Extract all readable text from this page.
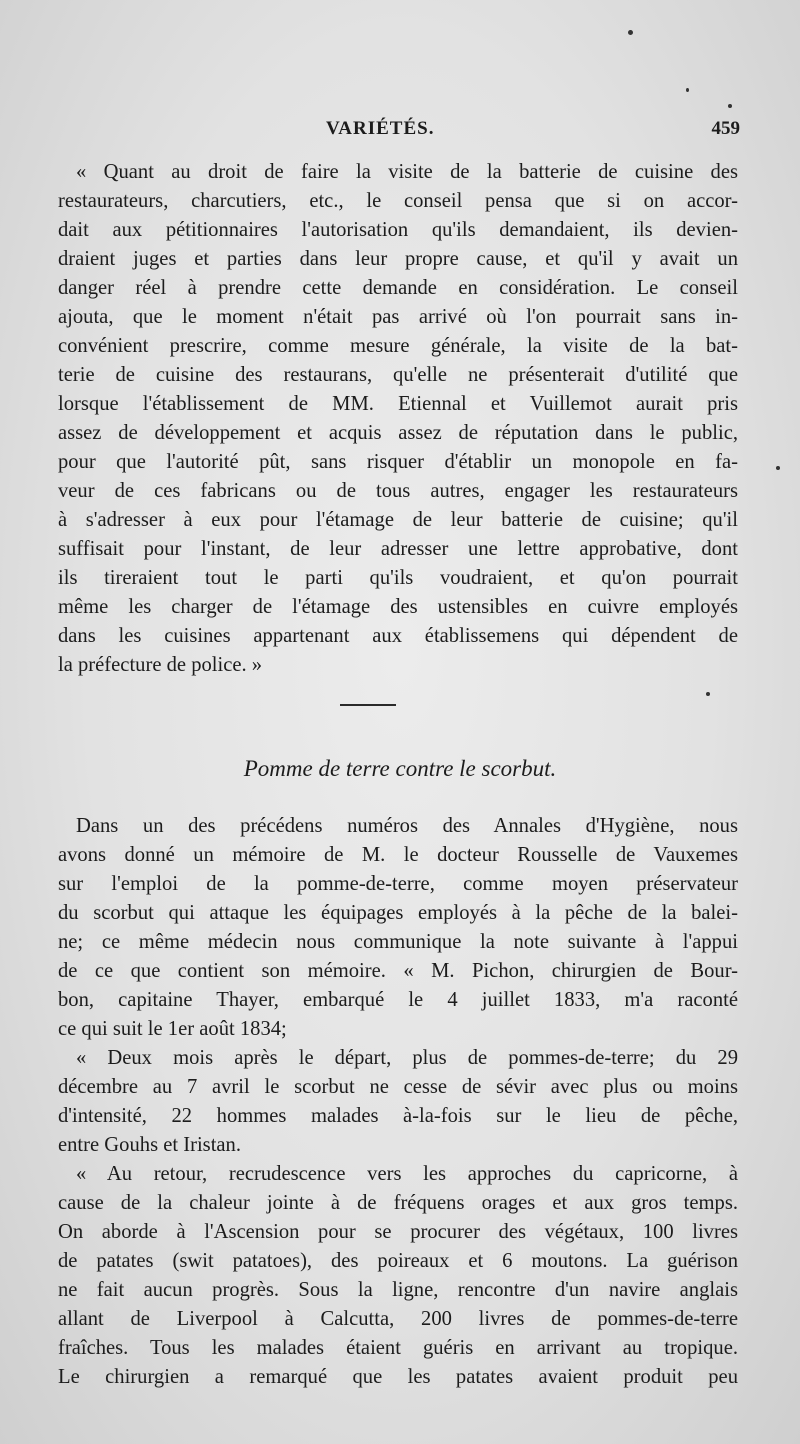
VARIÉTÉS.	459
« Quant au droit de faire la visite de la batterie de cuisine des
restaurateurs, charcutiers, etc., le conseil pensa que si on accor-
dait aux pétitionnaires l'autorisation qu'ils demandaient, ils devien-
draient juges et parties dans leur propre cause, et qu'il y avait un
danger réel à prendre cette demande en considération. Le conseil
ajouta, que le moment n'était pas arrivé où l'on pourrait sans in-
convénient prescrire, comme mesure générale, la visite de la bat-
terie de cuisine des restaurans, qu'elle ne présenterait d'utilité que
lorsque l'établissement de MM. Etiennal et Vuillemot aurait pris
assez de développement et acquis assez de réputation dans le public,
pour que l'autorité pût, sans risquer d'établir un monopole en fa-
veur de ces fabricans ou de tous autres, engager les restaurateurs
à s'adresser à eux pour l'étamage de leur batterie de cuisine; qu'il
suffisait pour l'instant, de leur adresser une lettre approbative, dont
ils tireraient tout le parti qu'ils voudraient, et qu'on pourrait
même les charger de l'étamage des ustensibles en cuivre employés
dans les cuisines appartenant aux établissemens qui dépendent de
la préfecture de police. »
Pomme de terre contre le scorbut.
Dans un des précédens numéros des Annales d'Hygiène, nous
avons donné un mémoire de M. le docteur Rousselle de Vauxemes
sur l'emploi de la pomme-de-terre, comme moyen préservateur
du scorbut qui attaque les équipages employés à la pêche de la balei-
ne; ce même médecin nous communique la note suivante à l'appui
de ce que contient son mémoire. « M. Pichon, chirurgien de Bour-
bon, capitaine Thayer, embarqué le 4 juillet 1833, m'a raconté
ce qui suit le 1er août 1834;
« Deux mois après le départ, plus de pommes-de-terre; du 29
décembre au 7 avril le scorbut ne cesse de sévir avec plus ou moins
d'intensité, 22 hommes malades à-la-fois sur le lieu de pêche,
entre Gouhs et Iristan.
« Au retour, recrudescence vers les approches du capricorne, à
cause de la chaleur jointe à de fréquens orages et aux gros temps.
On aborde à l'Ascension pour se procurer des végétaux, 100 livres
de patates (swit patatoes), des poireaux et 6 moutons. La guérison
ne fait aucun progrès. Sous la ligne, rencontre d'un navire anglais
allant de Liverpool à Calcutta, 200 livres de pommes-de-terre
fraîches. Tous les malades étaient guéris en arrivant au tropique.
Le chirurgien a remarqué que les patates avaient produit peu
